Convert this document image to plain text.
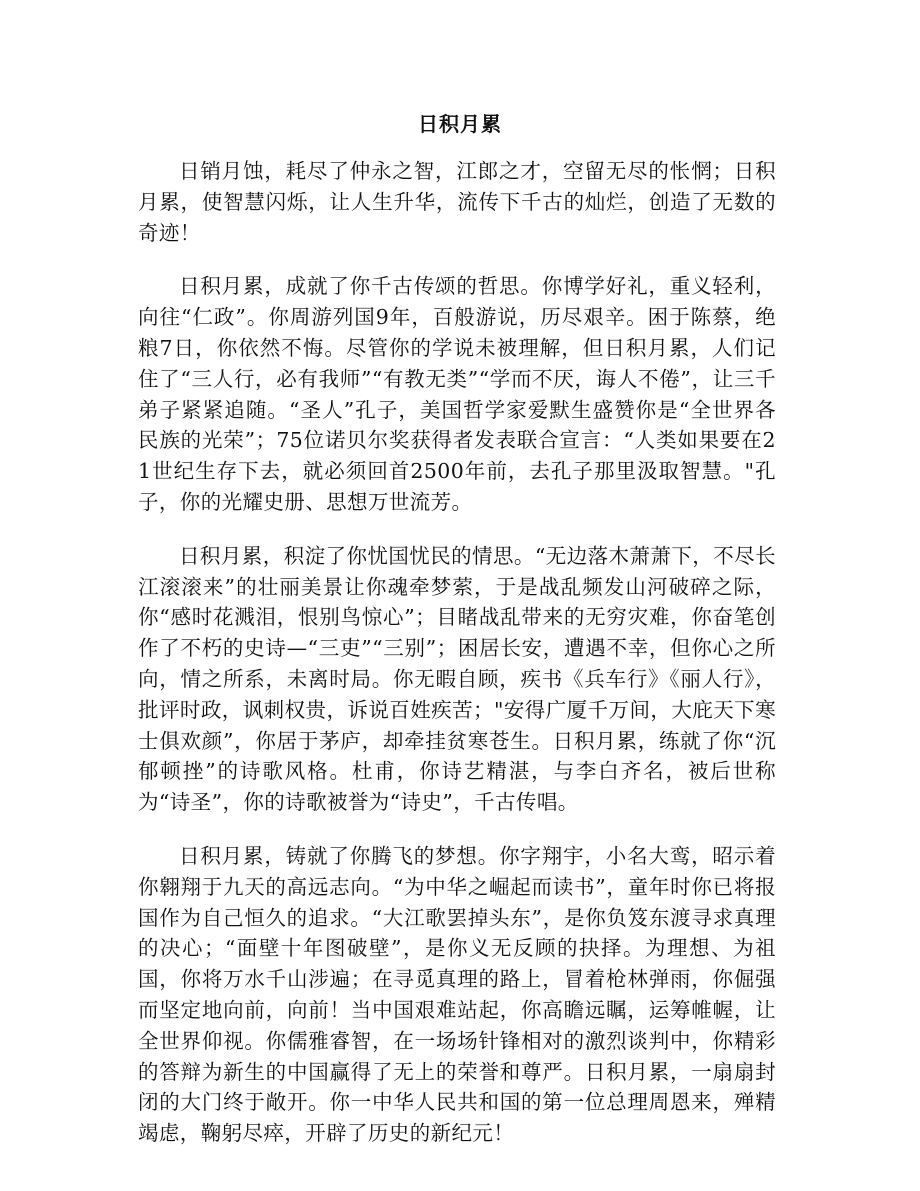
日积月累

日销月蚀，耗尽了仲永之智，江郎之才，空留无尽的怅惘；日积月累，使智慧闪烁，让人生升华，流传下千古的灿烂，创造了无数的奇迹！

日积月累，成就了你千古传颂的哲思。你博学好礼，重义轻利，向往“仁政”。你周游列国9年，百般游说，历尽艰辛。困于陈蔡，绝粮7日，你依然不悔。尽管你的学说未被理解，但日积月累，人们记住了“三人行，必有我师”“有教无类”“学而不厌，诲人不倦”，让三千弟子紧紧追随。“圣人”孔子，美国哲学家爱默生盛赞你是“全世界各民族的光荣”；75位诺贝尔奖获得者发表联合宣言：“人类如果要在21世纪生存下去，就必须回首2500年前，去孔子那里汲取智慧。"孔子，你的光耀史册、思想万世流芳。

日积月累，积淀了你忧国忧民的情思。“无边落木萧萧下，不尽长江滚滚来”的壮丽美景让你魂牵梦萦，于是战乱频发山河破碎之际，你“感时花溅泪，恨别鸟惊心”；目睹战乱带来的无穷灾难，你奋笔创作了不朽的史诗—“三吏”“三别”；困居长安，遭遇不幸，但你心之所向，情之所系，未离时局。你无暇自顾，疾书《兵车行》《丽人行》，批评时政，讽刺权贵，诉说百姓疾苦；"安得广厦千万间，大庇天下寒士俱欢颜”，你居于茅庐，却牵挂贫寒苍生。日积月累，练就了你“沉郁顿挫”的诗歌风格。杜甫，你诗艺精湛，与李白齐名，被后世称为“诗圣”，你的诗歌被誉为“诗史”，千古传唱。

日积月累，铸就了你腾飞的梦想。你字翔宇，小名大鸾，昭示着你翱翔于九天的高远志向。“为中华之崛起而读书”，童年时你已将报国作为自己恒久的追求。“大江歌罢掉头东”，是你负笈东渡寻求真理的决心；“面壁十年图破壁”，是你义无反顾的抉择。为理想、为祖国，你将万水千山涉遍；在寻觅真理的路上，冒着枪林弹雨，你倔强而坚定地向前，向前！当中国艰难站起，你高瞻远瞩，运筹帷幄，让全世界仰视。你儒雅睿智，在一场场针锋相对的激烈谈判中，你精彩的答辩为新生的中国赢得了无上的荣誉和尊严。日积月累，一扇扇封闭的大门终于敞开。你一中华人民共和国的第一位总理周恩来，殚精竭虑，鞠躬尽瘁，开辟了历史的新纪元！
